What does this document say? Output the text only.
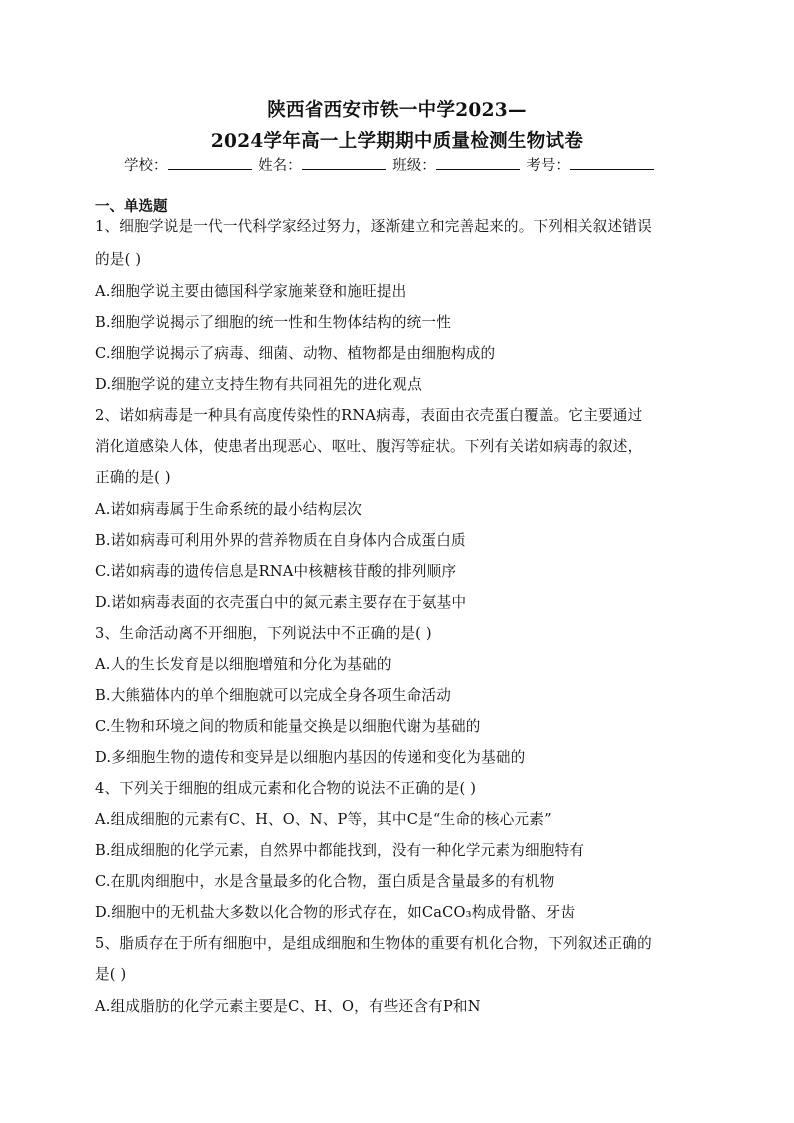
陕西省西安市铁一中学2023—
2024学年高一上学期期中质量检测生物试卷
学校：	姓名：	班级：	考号：
一、单选题
1、细胞学说是一代一代科学家经过努力，逐渐建立和完善起来的。下列相关叙述错误
的是( )
A.细胞学说主要由德国科学家施莱登和施旺提出
B.细胞学说揭示了细胞的统一性和生物体结构的统一性
C.细胞学说揭示了病毒、细菌、动物、植物都是由细胞构成的
D.细胞学说的建立支持生物有共同祖先的进化观点
2、诺如病毒是一种具有高度传染性的RNA病毒，表面由衣壳蛋白覆盖。它主要通过
消化道感染人体，使患者出现恶心、呕吐、腹泻等症状。下列有关诺如病毒的叙述，
正确的是( )
A.诺如病毒属于生命系统的最小结构层次
B.诺如病毒可利用外界的营养物质在自身体内合成蛋白质
C.诺如病毒的遗传信息是RNA中核糖核苷酸的排列顺序
D.诺如病毒表面的衣壳蛋白中的氮元素主要存在于氨基中
3、生命活动离不开细胞，下列说法中不正确的是( )
A.人的生长发育是以细胞增殖和分化为基础的
B.大熊猫体内的单个细胞就可以完成全身各项生命活动
C.生物和环境之间的物质和能量交换是以细胞代谢为基础的
D.多细胞生物的遗传和变异是以细胞内基因的传递和变化为基础的
4、下列关于细胞的组成元素和化合物的说法不正确的是( )
A.组成细胞的元素有C、H、O、N、P等，其中C是“生命的核心元素”
B.组成细胞的化学元素，自然界中都能找到，没有一种化学元素为细胞特有
C.在肌肉细胞中，水是含量最多的化合物，蛋白质是含量最多的有机物
D.细胞中的无机盐大多数以化合物的形式存在，如CaCO₃构成骨骼、牙齿
5、脂质存在于所有细胞中，是组成细胞和生物体的重要有机化合物，下列叙述正确的
是( )
A.组成脂肪的化学元素主要是C、H、O，有些还含有P和N
